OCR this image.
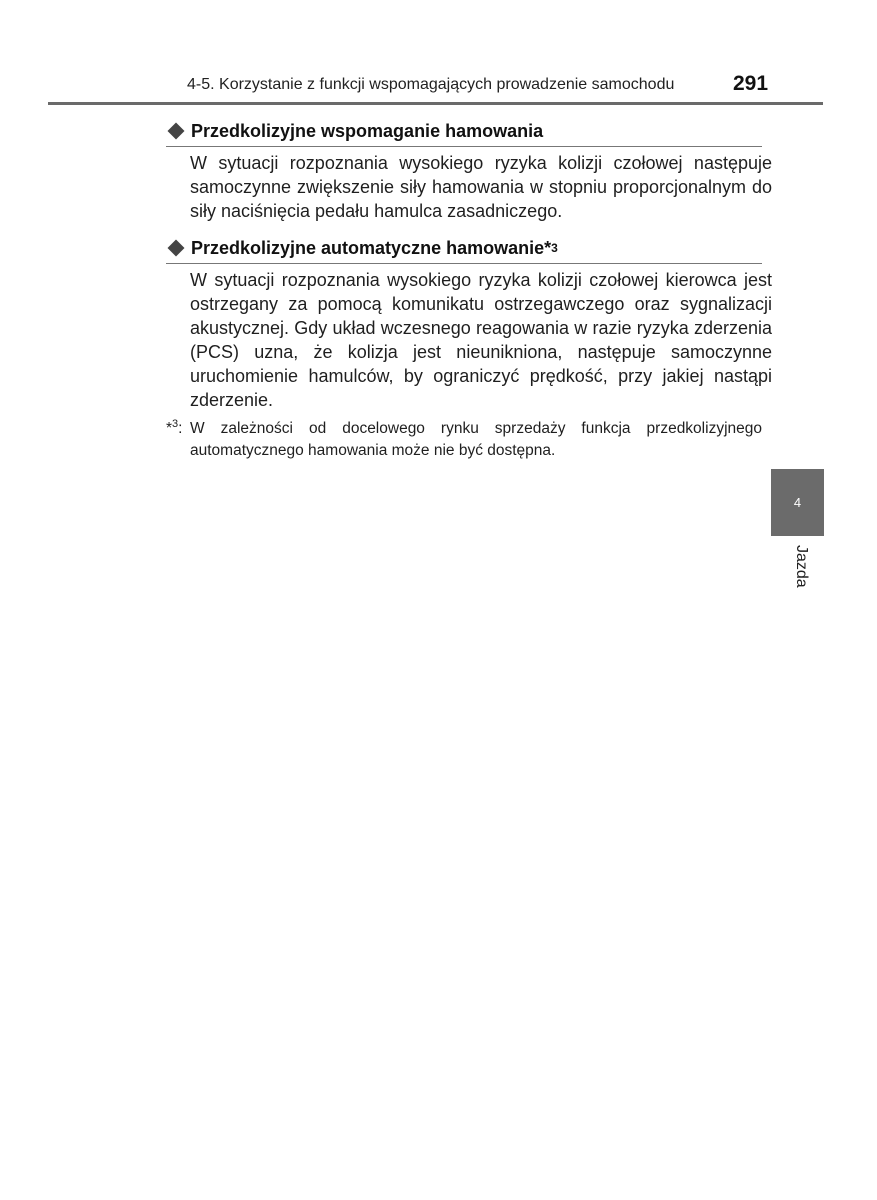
4-5. Korzystanie z funkcji wspomagających prowadzenie samochodu	291
Przedkolizyjne wspomaganie hamowania
W sytuacji rozpoznania wysokiego ryzyka kolizji czołowej następuje samoczynne zwiększenie siły hamowania w stopniu proporcjonalnym do siły naciśnięcia pedału hamulca zasadniczego.
Przedkolizyjne automatyczne hamowanie* 3
W sytuacji rozpoznania wysokiego ryzyka kolizji czołowej kierowca jest ostrzegany za pomocą komunikatu ostrzegawczego oraz sygnalizacji akustycznej. Gdy układ wczesnego reagowania w razie ryzyka zderzenia (PCS) uzna, że kolizja jest nieunikniona, następuje samoczynne uruchomienie hamulców, by ograniczyć prędkość, przy jakiej nastąpi zderzenie.
*$^3$: W zależności od docelowego rynku sprzedaży funkcja przedkolizyjnego automatycznego hamowania może nie być dostępna.
4
Jazda
